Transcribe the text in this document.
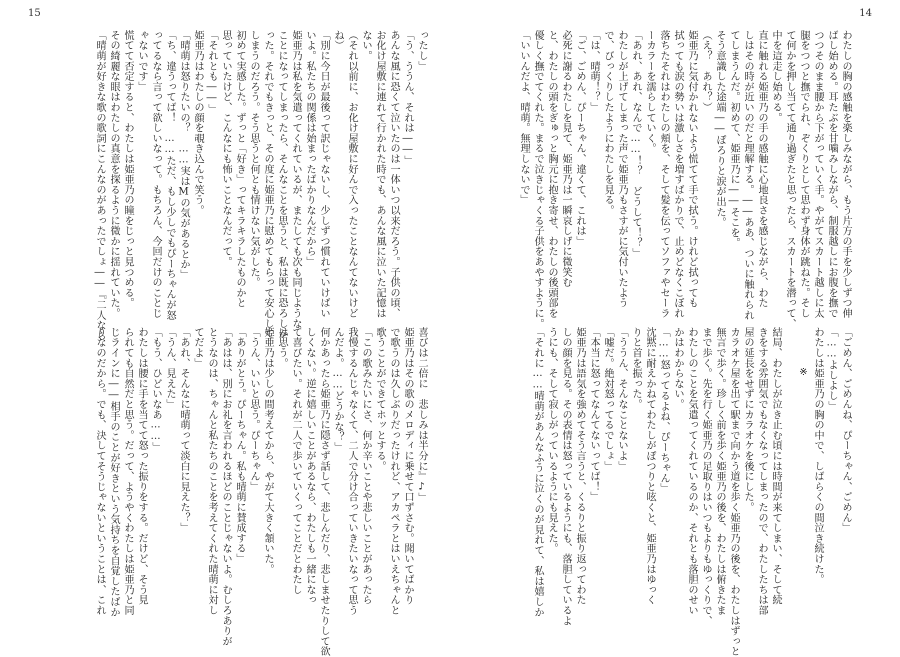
15

ったし」

「う、ううん、それは――」

あんな風に恐くて泣いたのは一体いつ以来だろう。子供の頃、

お化け屋敷に連れて行かれた時でも、あんな風に泣いた記憶は

ない。

（それ以前に、お化け屋敷に好んで入ったことなんてないけど

ね）

「別に今日が最後って訳じゃないし、少しずつ慣れていけばい

いよ。私たちの関係は始まったばかりなんだから」

姫亜乃は私を気遣ってくれているが、またしても次も同じような

ことになってしまったら、そんなことを思うと、私は既に恐ろしか

った。それでもきっと、その度に姫亜乃に慰めてもらって安心して

しまうのだろう。そう思うと何とも情けない気がした。

初めて実感した。ずっと「好き」ってキラキラしたものかと

思っていたけど、こんなにも怖いことなんだって。

「それとも――」

姫亜乃はわたしの顔を覗き込んで笑う。

「晴萌は怒りたいの？　……実はMの気があるとか」

「ち、違うってば！　……ただ、もし少しでもぴーちゃんが怒

ってるなら言って欲しいなって。もちろん、今回だけのことじ

ゃないです」

慌てて否定すると、わたしは姫亜乃の瞳をじっと見つめる。

その綺麗な眼はわたしの真意を探るように微かに揺れていた。

「晴萌が好きな歌の歌詞にこんなのがあったでしょ――『二人なら

喜びは二倍に　悲しみは半分に』♪」

姫亜乃はその歌のメロディに乗せて口ずさむ。聞いてばかり

で歌うのは久しぶりだったけれど、アカペラとはいえちゃんと

歌うことができてホッとする。

「この歌みたいにさ、何か辛いことや悲しいことがあったら

我慢するんじゃなくて、二人で分け合っていきたいなって思う

んだよ。……どうかな？」

何かあったら姫亜乃に隠さず話して、悲しんだり、悲しませたりして欲

しくない。逆に嬉しいことがあるなら、わたしも一緒になっ

て喜びたい。それが二人で歩いていくってことだとわたし

は思う。

姫亜乃は少しの間考えてから、やがて大きく頷いた。

「うん、いいと思う。ぴーちゃん」

「ありがとう。ぴーちゃん。私も晴萌に賛成する」

「あはは、別にお礼を言われるほどのことじゃないよ。むしろありが

とうなのは、ちゃんと私たちのことを考えてくれた晴萌に対し

てだよ」

「あれ、そんなに晴萌って淡白に見えた？」

「うん、見えた」

「もう、ひどいなあ……」

わたしは腰に手を当てて怒った振りをする。だけど、そう見

られても自然だと思う。だって、ようやくわたしは姫亜乃と同

じラインに――相手のことが好きという気持ちを自覚したばか

りなのだから。でも、決してそうじゃないということは、これ

14

わたしの胸の感触を楽しみながら、もう片方の手を少しずつ伸

ばし始める。耳たぶを甘噛みしながら、制服越しにお腹を撫で

つつそのまま腰から下がっていく手。やがてスカート越しに太

腿をつつと撫でられ、ぞくりとして思わず身体が跳ねた。そし

て何かを押し当てて通り過ぎたと思ったら、スカートを潜って、

中を這走し始める。

直に触れる姫亜乃の手の感触に心地良さを感じながら、わた

しはその時が近いのだと理解する。――ああ、ついに触れられ

てしまうんだ。初めて、姫亜乃に――そこを。

そう意識した途端――ぽろりと涙が出た。

（え？　あれ？）

姫亜乃に気付かれないよう慌てて手で拭う。けれど拭っても

拭っても涙の勢いは激しさを増すばかりで、止めどなくこぼれ

落ちたそれはわたしの頬を、そして髪を伝ってソファやセーラ

ーカラーを濡らしていく。

「あれ、あれ、なんで……！？　どうして！？」

わたしが上げてしまった声で姫亜乃もさすがに気付いたよう

で、びっくりしたようにわたしを見る。

「は、晴萌！？」

「ご、ごめん、ぴーちゃん、違くて、これは」

必死に謝るわたしを見て、姫亜乃は一瞬哀しげに微笑む

と、わたしの頭をぎゅっと胸元に抱き寄せ、わたしの後頭部を

優しく撫でてくれた。まるで泣きじゃくる子供をあやすように。

「いいんだよ、晴萌。無理しないで」

「ごめん、ごめんね、ぴーちゃん、ごめん」

「……よしよし」

わたしは姫亜乃の胸の中で、しばらくの間泣き続けた。

※

結局、わたしが泣き止む頃には時間が来てしまい、そして続

きをする雰囲気でもなくなってしまったので、わたしたちは部

屋の延長をせずにカラオケを後にした。

カラオケ屋を出て駅まで向かう道を歩く姫亜乃の後を、わたしはずっと

無言で歩く。珍しく前を歩く姫亜乃の後を、わたしは俯きたま

まで歩く。先を行く姫亜乃の足取りはいつもよりもゆっくりで、

わたしのことを気遣ってくれているのか、それとも落胆のせい

かはわからない。

「……怒ってるよね、ぴーちゃん」

沈黙に耐えかねてわたしがぽつりと呟くと、姫亜乃はゆっく

りと首を振った。

「ううん、そんなことないよ」

「嘘だ。絶対怒ってるでしょ」

「本当に怒ってなんてないってば！」

姫亜乃は語気を強めてそう言うと、くるりと振り返ってわた

しの顔を見る。その表情は怒っているようにも、落胆しているよ

うにも、そして寂しがっているようにも見えた。

「それに……晴萌があんなふうに泣くのが見れて、私は嬉しか
